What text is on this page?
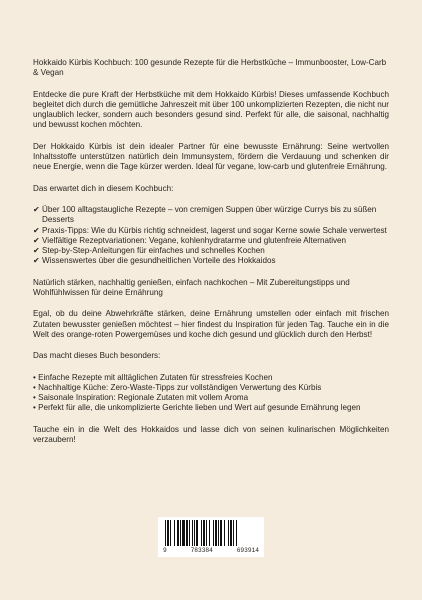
Hokkaido Kürbis Kochbuch: 100 gesunde Rezepte für die Herbstküche – Immunbooster, Low-Carb & Vegan

Entdecke die pure Kraft der Herbstküche mit dem Hokkaido Kürbis! Dieses umfassende Kochbuch begleitet dich durch die gemütliche Jahreszeit mit über 100 unkomplizierten Rezepten, die nicht nur unglaublich lecker, sondern auch besonders gesund sind. Perfekt für alle, die saisonal, nachhaltig und bewusst kochen möchten.

Der Hokkaido Kürbis ist dein idealer Partner für eine bewusste Ernährung: Seine wertvollen Inhaltsstoffe unterstützen natürlich dein Immunsystem, fördern die Verdauung und schenken dir neue Energie, wenn die Tage kürzer werden. Ideal für vegane, low-carb und glutenfreie Ernährung.

Das erwartet dich in diesem Kochbuch:

✔ Über 100 alltagstaugliche Rezepte – von cremigen Suppen über würzige Currys bis zu süßen Desserts
✔ Praxis-Tipps: Wie du Kürbis richtig schneidest, lagerst und sogar Kerne sowie Schale verwertest
✔ Vielfältige Rezeptvariationen: Vegane, kohlenhydratarme und glutenfreie Alternativen
✔ Step-by-Step-Anleitungen für einfaches und schnelles Kochen
✔ Wissenswertes über die gesundheitlichen Vorteile des Hokkaidos

Natürlich stärken, nachhaltig genießen, einfach nachkochen – Mit Zubereitungstipps und Wohlfühlwissen für deine Ernährung

Egal, ob du deine Abwehrkräfte stärken, deine Ernährung umstellen oder einfach mit frischen Zutaten bewusster genießen möchtest – hier findest du Inspiration für jeden Tag. Tauche ein in die Welt des orange-roten Powergemüses und koche dich gesund und glücklich durch den Herbst!

Das macht dieses Buch besonders:

• Einfache Rezepte mit alltäglichen Zutaten für stressfreies Kochen
• Nachhaltige Küche: Zero-Waste-Tipps zur vollständigen Verwertung des Kürbis
• Saisonale Inspiration: Regionale Zutaten mit vollem Aroma
• Perfekt für alle, die unkomplizierte Gerichte lieben und Wert auf gesunde Ernährung legen

Tauche ein in die Welt des Hokkaidos und lasse dich von seinen kulinarischen Möglichkeiten verzaubern!

9	783384	693914
